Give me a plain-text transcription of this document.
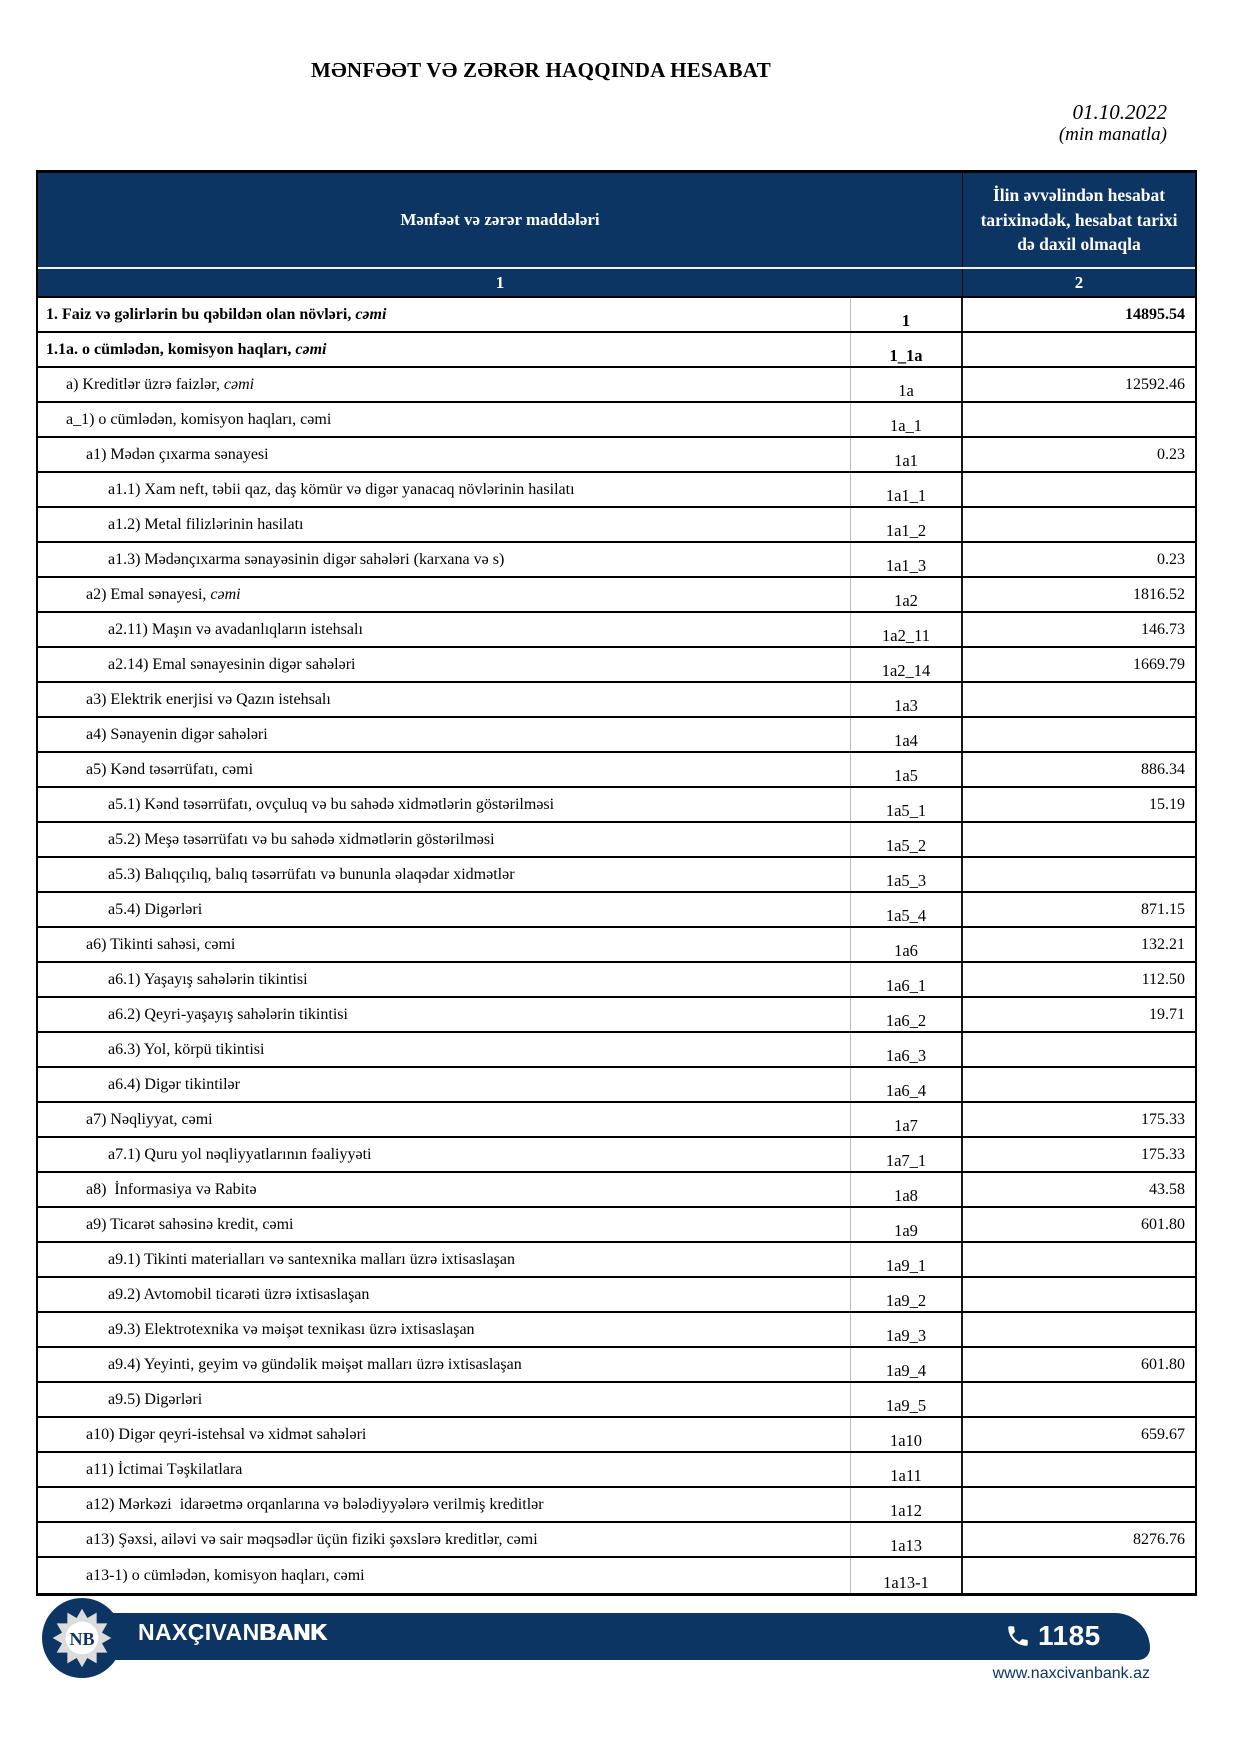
MƏNFƏƏT VƏ ZƏRƏR HAQQINDA HESABAT
01.10.2022
(min manatla)
Mənfəət və zərər maddələri
İlin əvvəlindən hesabat tarixinədək, hesabat tarixi də daxil olmaqla
1	2
1. Faiz və gəlirlərin bu qəbildən olan növləri, cəmi	1	14895.54
1.1a. o cümlədən, komisyon haqları, cəmi	1_1a
a) Kreditlər üzrə faizlər, cəmi	1a	12592.46
a_1) o cümlədən, komisyon haqları, cəmi	1a_1
a1) Mədən çıxarma sənayesi	1a1	0.23
a1.1) Xam neft, təbii qaz, daş kömür və digər yanacaq növlərinin hasilatı	1a1_1
a1.2) Metal filizlərinin hasilatı	1a1_2
a1.3) Mədənçıxarma sənayəsinin digər sahələri (karxana və s)	1a1_3	0.23
a2) Emal sənayesi, cəmi	1a2	1816.52
a2.11) Maşın və avadanlıqların istehsalı	1a2_11	146.73
a2.14) Emal sənayesinin digər sahələri	1a2_14	1669.79
a3) Elektrik enerjisi və Qazın istehsalı	1a3
a4) Sənayenin digər sahələri	1a4
a5) Kənd təsərrüfatı, cəmi	1a5	886.34
a5.1) Kənd təsərrüfatı, ovçuluq və bu sahədə xidmətlərin göstərilməsi	1a5_1	15.19
a5.2) Meşə təsərrüfatı və bu sahədə xidmətlərin göstərilməsi	1a5_2
a5.3) Balıqçılıq, balıq təsərrüfatı və bununla əlaqədar xidmətlər	1a5_3
a5.4) Digərləri	1a5_4	871.15
a6) Tikinti sahəsi, cəmi	1a6	132.21
a6.1) Yaşayış sahələrin tikintisi	1a6_1	112.50
a6.2) Qeyri-yaşayış sahələrin tikintisi	1a6_2	19.71
a6.3) Yol, körpü tikintisi	1a6_3
a6.4) Digər tikintilər	1a6_4
a7) Nəqliyyat, cəmi	1a7	175.33
a7.1) Quru yol nəqliyyatlarının fəaliyyəti	1a7_1	175.33
a8)  İnformasiya və Rabitə	1a8	43.58
a9) Ticarət sahəsinə kredit, cəmi	1a9	601.80
a9.1) Tikinti materialları və santexnika malları üzrə ixtisaslaşan	1a9_1
a9.2) Avtomobil ticarəti üzrə ixtisaslaşan	1a9_2
a9.3) Elektrotexnika və məişət texnikası üzrə ixtisaslaşan	1a9_3
a9.4) Yeyinti, geyim və gündəlik məişət malları üzrə ixtisaslaşan	1a9_4	601.80
a9.5) Digərləri	1a9_5
a10) Digər qeyri-istehsal və xidmət sahələri	1a10	659.67
a11) İctimai Təşkilatlara	1a11
a12) Mərkəzi  idarəetmə orqanlarına və bələdiyyələrə verilmiş kreditlər	1a12
a13) Şəxsi, ailəvi və sair məqsədlər üçün fiziki şəxslərə kreditlər, cəmi	1a13	8276.76
a13-1) o cümlədən, komisyon haqları, cəmi	1a13-1
NB NAXÇIVANBANK	1185
www.naxcivanbank.az
